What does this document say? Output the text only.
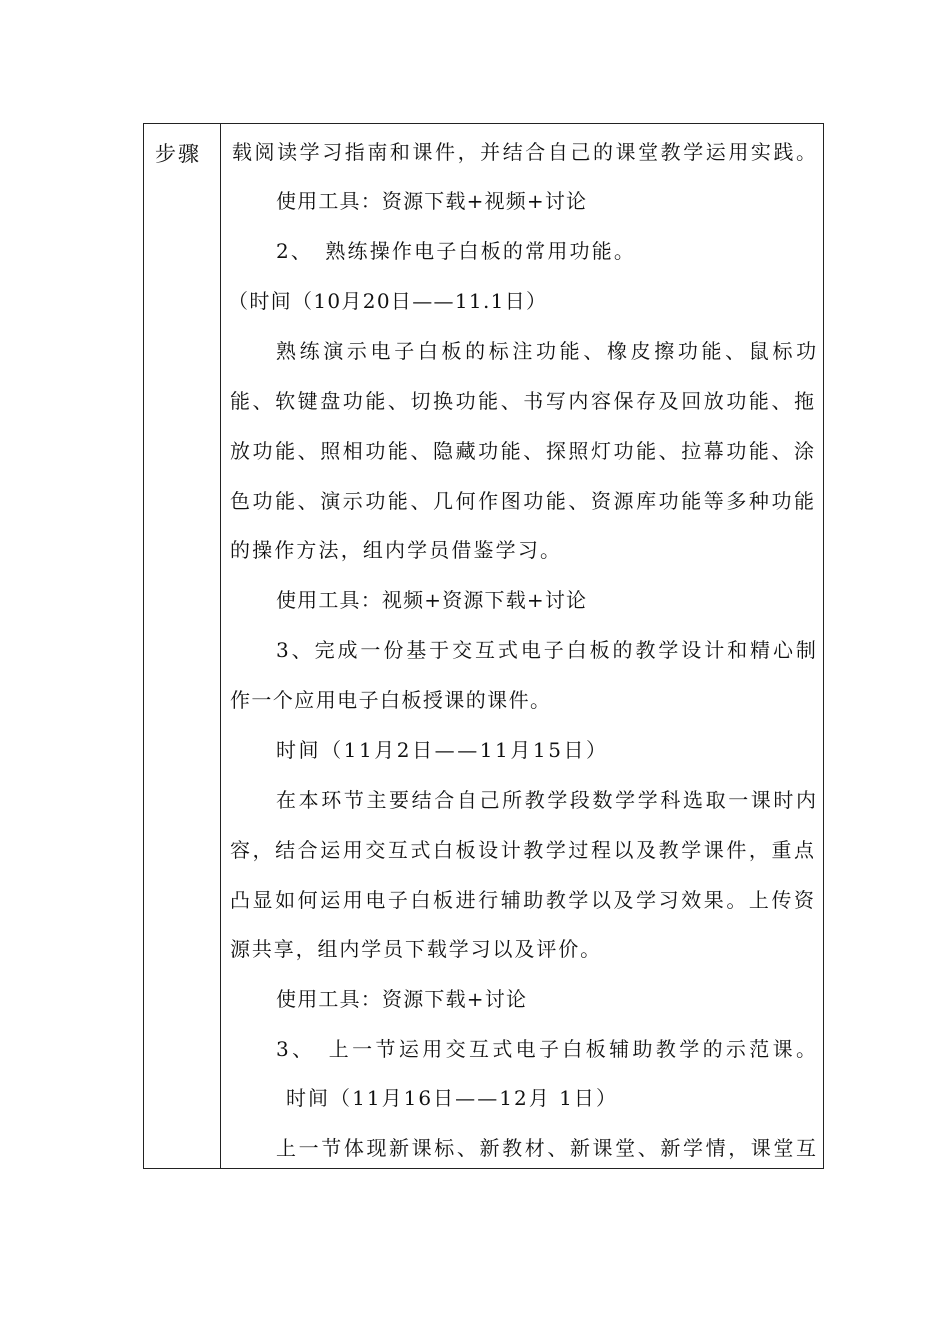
步骤 载阅读学习指南和课件，并结合自己的课堂教学运用实践。
使用工具：资源下载+视频+讨论
2、　熟练操作电子白板的常用功能。
（时间（10月20日——11.1日）
熟练演示电子白板的标注功能、橡皮擦功能、鼠标功
能、软键盘功能、切换功能、书写内容保存及回放功能、拖
放功能、照相功能、隐藏功能、探照灯功能、拉幕功能、涂
色功能、演示功能、几何作图功能、资源库功能等多种功能
的操作方法，组内学员借鉴学习。
使用工具：视频+资源下载+讨论
3、完成一份基于交互式电子白板的教学设计和精心制
作一个应用电子白板授课的课件。
时间（11月2日——11月15日）
在本环节主要结合自己所教学段数学学科选取一课时内
容，结合运用交互式白板设计教学过程以及教学课件，重点
凸显如何运用电子白板进行辅助教学以及学习效果。上传资
源共享，组内学员下载学习以及评价。
使用工具：资源下载+讨论
3、　上一节运用交互式电子白板辅助教学的示范课。
时间（11月16日——12月 1日）
上一节体现新课标、新教材、新课堂、新学情，课堂互
